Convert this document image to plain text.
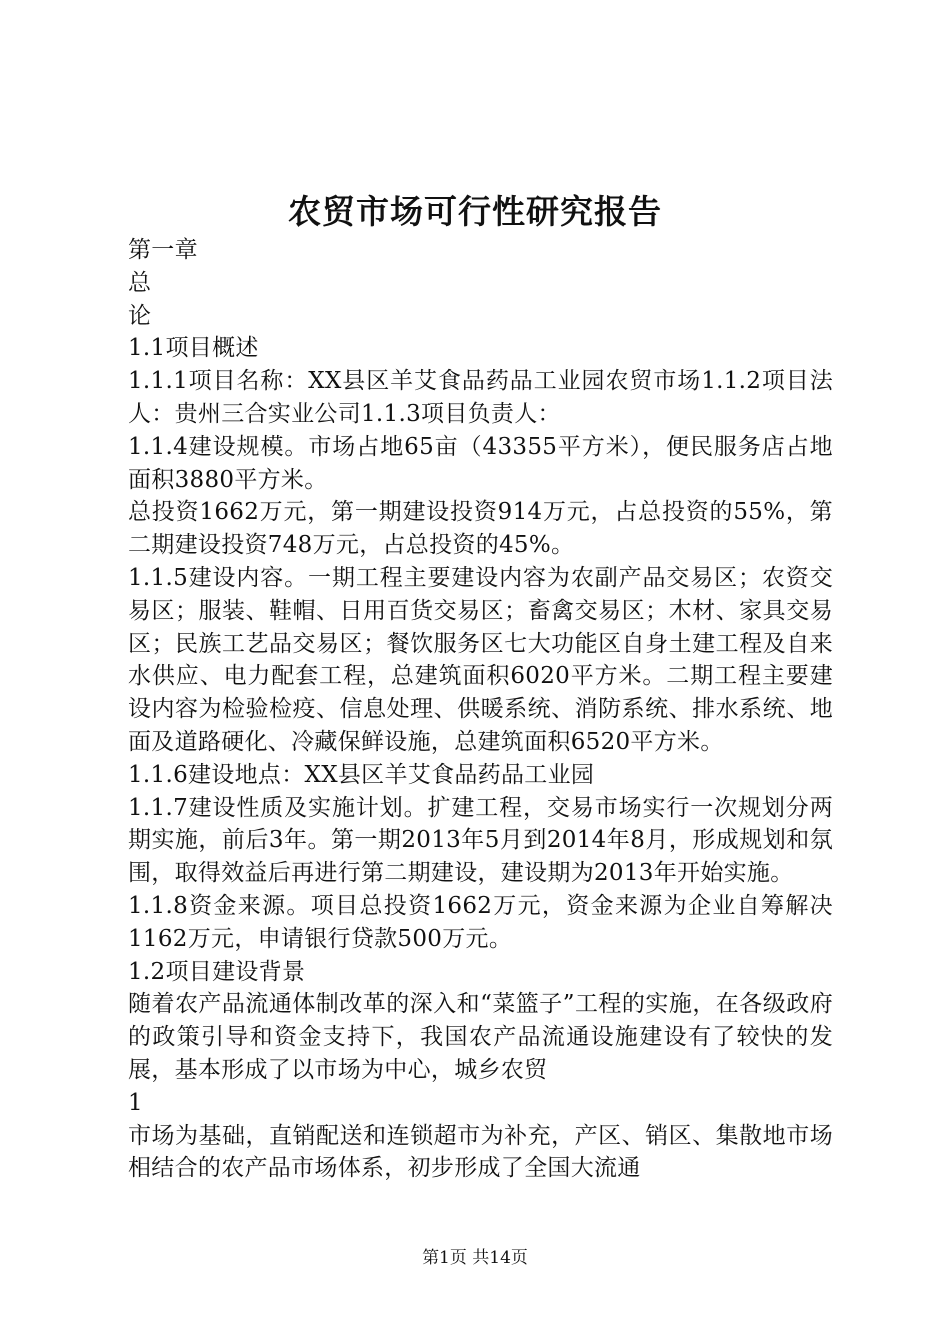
农贸市场可行性研究报告

第一章

总

论

1.1项目概述

1.1.1项目名称：XX县区羊艾食品药品工业园农贸市场1.1.2项目法人：贵州三合实业公司1.1.3项目负责人：

1.1.4建设规模。市场占地65亩（43355平方米），便民服务店占地面积3880平方米。

总投资1662万元，第一期建设投资914万元，占总投资的55%，第二期建设投资748万元，占总投资的45%。

1.1.5建设内容。一期工程主要建设内容为农副产品交易区；农资交易区；服装、鞋帽、日用百货交易区；畜禽交易区；木材、家具交易区；民族工艺品交易区；餐饮服务区七大功能区自身土建工程及自来水供应、电力配套工程，总建筑面积6020平方米。二期工程主要建设内容为检验检疫、信息处理、供暖系统、消防系统、排水系统、地面及道路硬化、冷藏保鲜设施，总建筑面积6520平方米。

1.1.6建设地点：XX县区羊艾食品药品工业园

1.1.7建设性质及实施计划。扩建工程，交易市场实行一次规划分两期实施，前后3年。第一期2013年5月到2014年8月，形成规划和氛围，取得效益后再进行第二期建设，建设期为2013年开始实施。

1.1.8资金来源。项目总投资1662万元，资金来源为企业自筹解决1162万元，申请银行贷款500万元。

1.2项目建设背景

随着农产品流通体制改革的深入和“菜篮子”工程的实施，在各级政府的政策引导和资金支持下，我国农产品流通设施建设有了较快的发展，基本形成了以市场为中心，城乡农贸

1

市场为基础，直销配送和连锁超市为补充，产区、销区、集散地市场相结合的农产品市场体系，初步形成了全国大流通

第1页 共14页
